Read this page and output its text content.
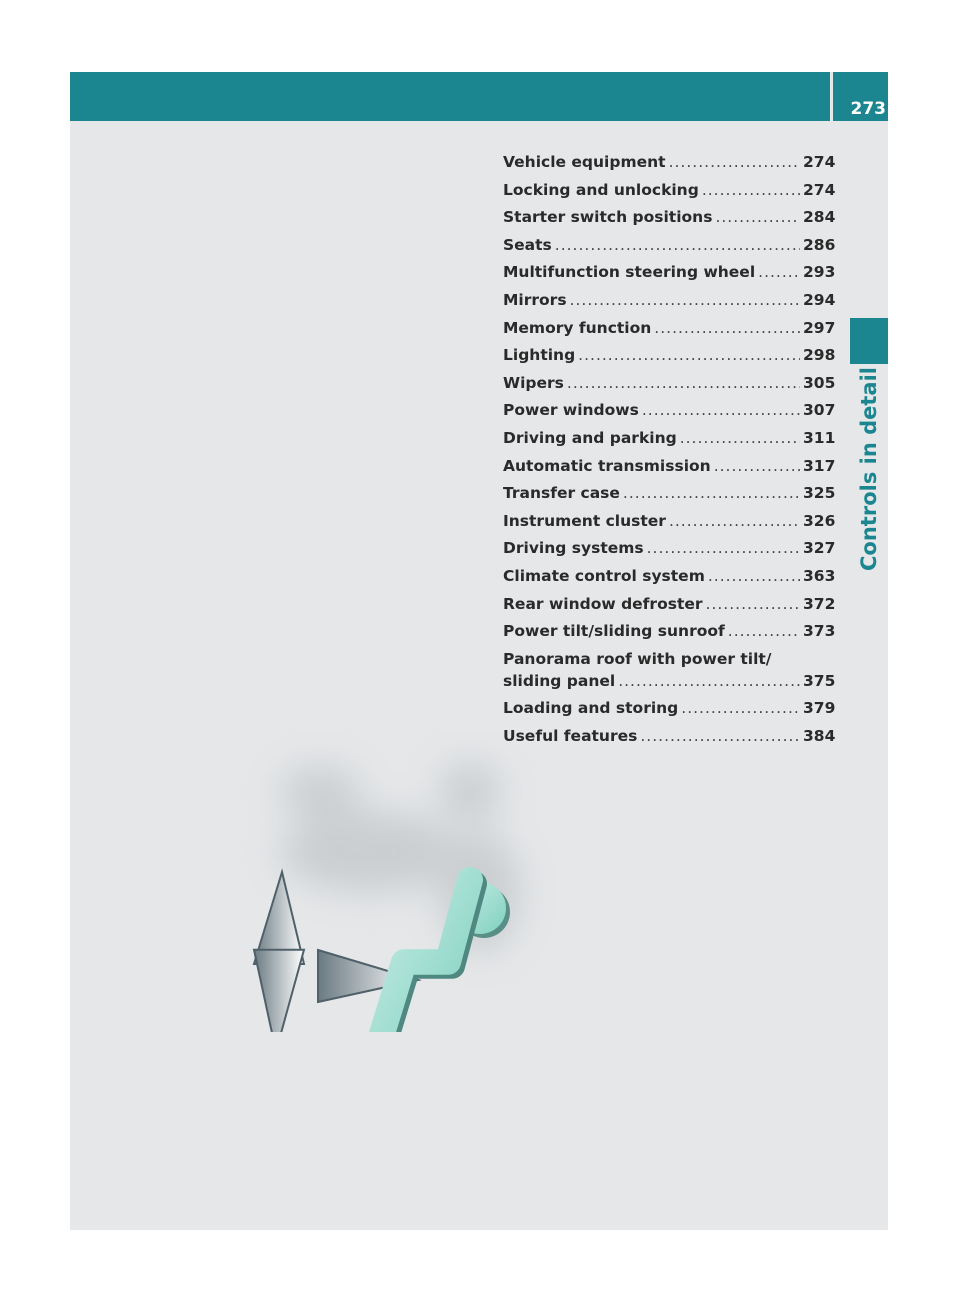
273
Controls in detail
Vehicle equipment .....	274
Locking and unlocking .....	274
Starter switch positions .....	284
Seats .....	286
Multifunction steering wheel .....	293
Mirrors .....	294
Memory function .....	297
Lighting .....	298
Wipers .....	305
Power windows .....	307
Driving and parking .....	311
Automatic transmission .....	317
Transfer case .....	325
Instrument cluster .....	326
Driving systems .....	327
Climate control system .....	363
Rear window defroster .....	372
Power tilt/sliding sunroof .....	373
Panorama roof with power tilt/
sliding panel .....	375
Loading and storing .....	379
Useful features .....	384
